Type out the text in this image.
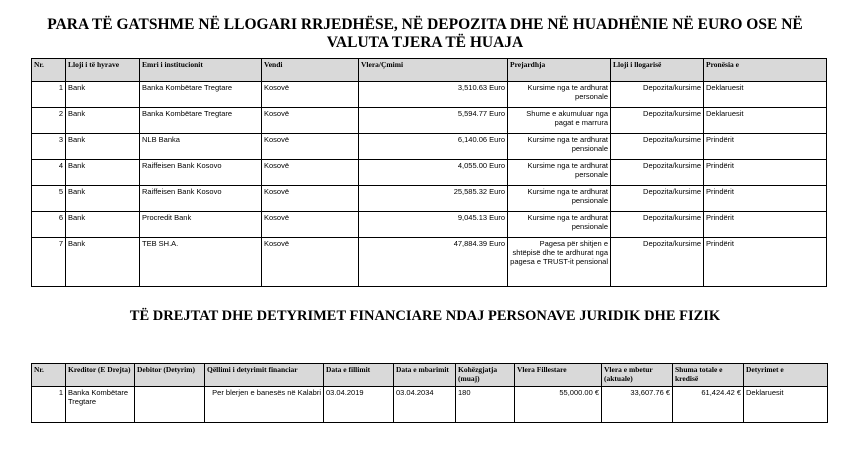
PARA TË GATSHME NË LLOGARI RRJEDHËSE, NË DEPOZITA DHE NË HUADHËNIE NË EURO OSE NË
VALUTA TJERA TË HUAJA
Nr.	Lloji i të hyrave	Emri i institucionit	Vendi	Vlera/Çmimi	Prejardhja	Lloji i llogarisë	Pronësia e
1	Bank	Banka Kombëtare Tregtare	Kosovë	3,510.63 Euro	Kursime nga te ardhurat personale	Depozita/kursime	Deklaruesit
2	Bank	Banka Kombëtare Tregtare	Kosovë	5,594.77 Euro	Shume e akumuluar nga pagat e marrura	Depozita/kursime	Deklaruesit
3	Bank	NLB Banka	Kosovë	6,140.06 Euro	Kursime nga te ardhurat pensionale	Depozita/kursime	Prindërit
4	Bank	Raiffeisen Bank Kosovo	Kosovë	4,055.00 Euro	Kursime nga te ardhurat personale	Depozita/kursime	Prindërit
5	Bank	Raiffeisen Bank Kosovo	Kosovë	25,585.32 Euro	Kursime nga te ardhurat pensionale	Depozita/kursime	Prindërit
6	Bank	Procredit Bank	Kosovë	9,045.13 Euro	Kursime nga te ardhurat pensionale	Depozita/kursime	Prindërit
7	Bank	TEB SH.A.	Kosovë	47,884.39 Euro	Pagesa për shitjen e shtëpisë dhe te ardhurat nga pagesa e TRUST-it pensional	Depozita/kursime	Prindërit
TË DREJTAT DHE DETYRIMET FINANCIARE NDAJ PERSONAVE JURIDIK DHE FIZIK
Nr.	Kreditor (E Drejta)	Debitor (Detyrim)	Qëllimi i detyrimit financiar	Data e fillimit	Data e mbarimit	Kohëzgjatja (muaj)	Vlera Fillestare	Vlera e mbetur (aktuale)	Shuma totale e kredisë	Detyrimet e
1	Banka Kombëtare Tregtare		Per blerjen e banesës në Kalabri	03.04.2019	03.04.2034	180	55,000.00 €	33,607.76 €	61,424.42 €	Deklaruesit
